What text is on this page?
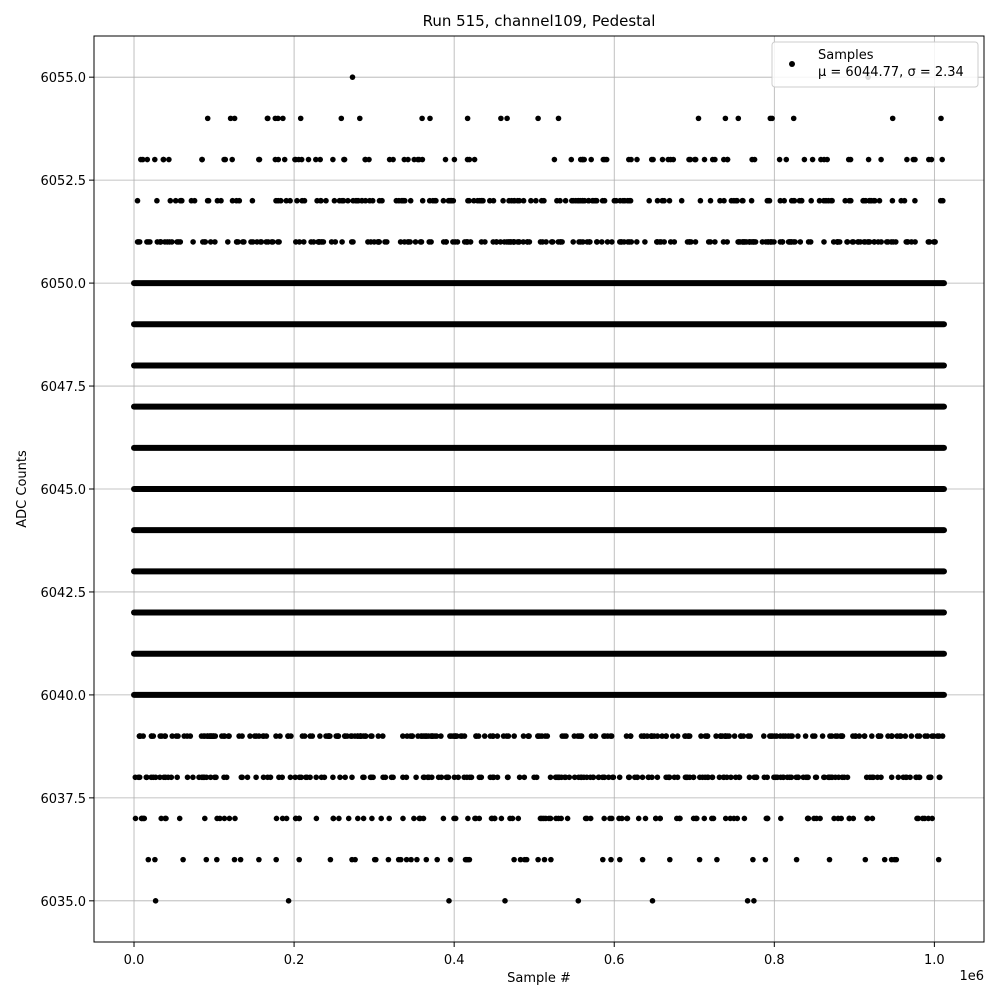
Run 515, channel109, Pedestal
0.0	0.2	0.4	0.6	0.8	1.0
6035.0
6037.5
6040.0
6042.5
6045.0
6047.5
6050.0
6052.5
6055.0
Sample #
ADC Counts
1e6
Samples
μ = 6044.77, σ = 2.34
